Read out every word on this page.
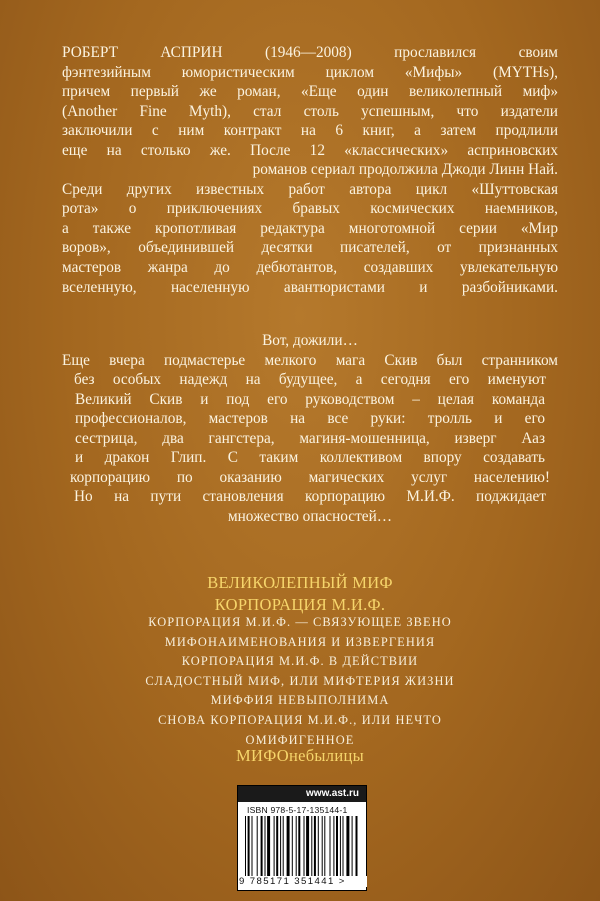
РОБЕРТ АСПРИН (1946—2008) прославился своим
фэнтезийным юмористическим циклом «Мифы» (MYTHs),
причем первый же роман, «Еще один великолепный миф»
(Another Fine Myth), стал столь успешным, что издатели
заключили с ним контракт на 6 книг, а затем продлили
еще на столько же. После 12 «классических» аспринoвских
романов сериал продолжила Джоди Линн Най.
Среди других известных работ автора цикл «Шуттовская
рота» о приключениях бравых космических наемников,
а также кропотливая редактура многотомной серии «Мир
воров», объединившей десятки писателей, от признанных
мастеров жанра до дебютантов, создавших увлекательную
вселенную, населенную авантюристами и разбойниками.
Вот, дожили…
Еще вчера подмастерье мелкого мага Скив был странником
без особых надежд на будущее, а сегодня его именуют
Великий Скив и под его руководством – целая команда
профессионалов, мастеров на все руки: тролль и его
сестрица, два гангстера, магиня-мошенница, изверг Ааз
и дракон Глип. С таким коллективом впору создавать
корпорацию по оказанию магических услуг населению!
Но на пути становления корпорацию М.И.Ф. поджидает
множество опасностей…
ВЕЛИКОЛЕПНЫЙ МИФ
КОРПОРАЦИЯ М.И.Ф.
КОРПОРАЦИЯ М.И.Ф. — СВЯЗУЮЩЕЕ ЗВЕНО
МИФОНАИМЕНОВАНИЯ И ИЗВЕРГЕНИЯ
КОРПОРАЦИЯ М.И.Ф. В ДЕЙСТВИИ
СЛАДОСТНЫЙ МИФ, ИЛИ МИФТЕРИЯ ЖИЗНИ
МИФФИЯ НЕВЫПОЛНИМА
СНОВА КОРПОРАЦИЯ М.И.Ф., ИЛИ НЕЧТО
ОМИФИГЕННОЕ
МИФОнебылицы
www.ast.ru
ISBN 978-5-17-135144-1
9 785171 351441 >
